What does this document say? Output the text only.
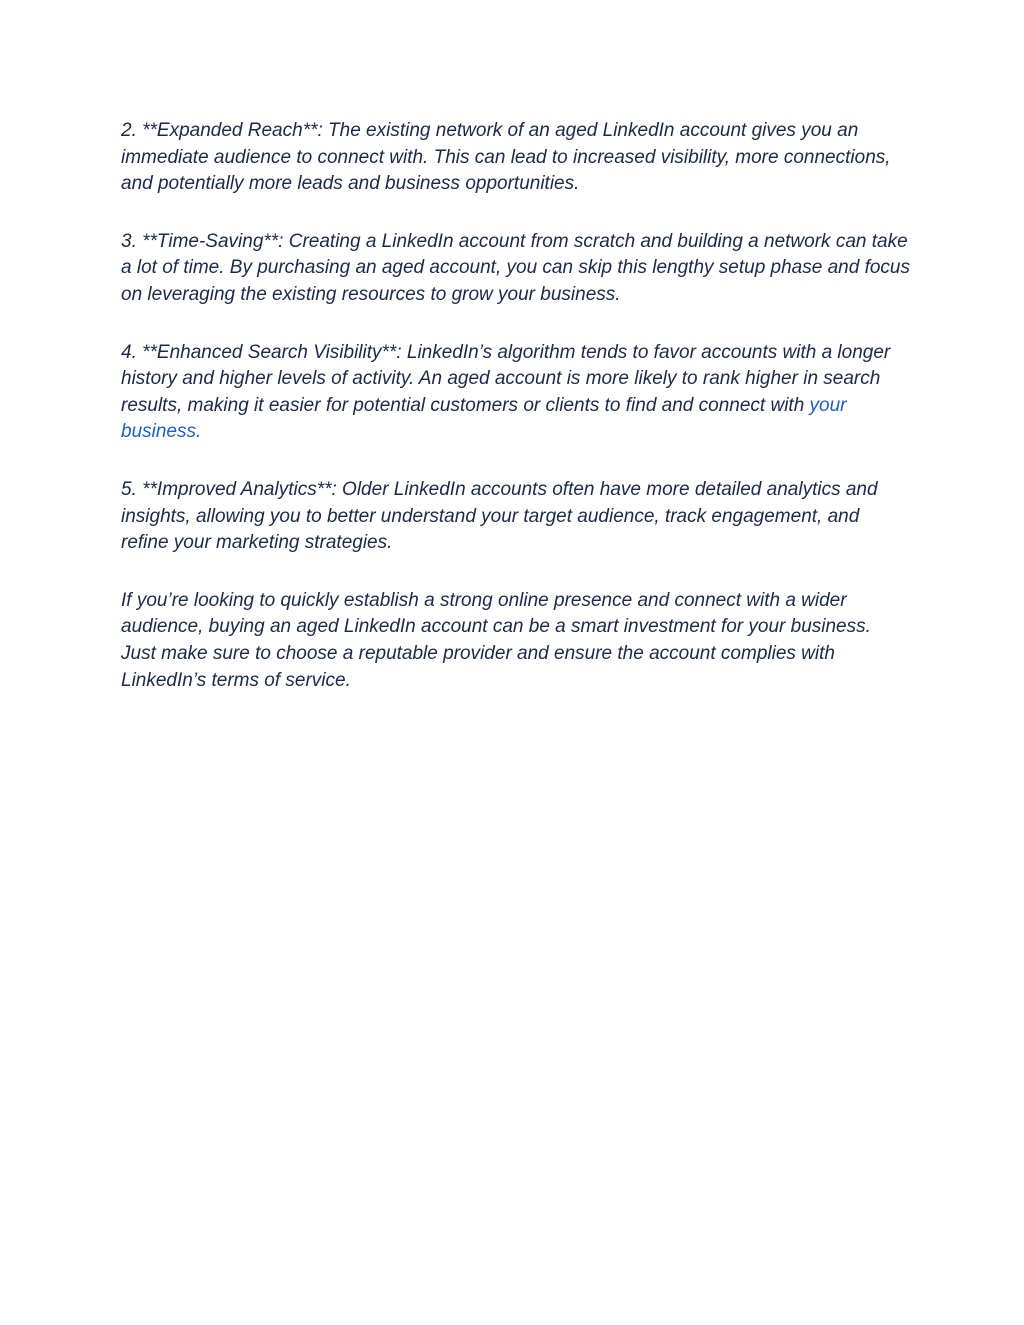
2. **Expanded Reach**: The existing network of an aged LinkedIn account gives you an immediate audience to connect with. This can lead to increased visibility, more connections, and potentially more leads and business opportunities.

3. **Time-Saving**: Creating a LinkedIn account from scratch and building a network can take a lot of time. By purchasing an aged account, you can skip this lengthy setup phase and focus on leveraging the existing resources to grow your business.

4. **Enhanced Search Visibility**: LinkedIn’s algorithm tends to favor accounts with a longer history and higher levels of activity. An aged account is more likely to rank higher in search results, making it easier for potential customers or clients to find and connect with your business.

5. **Improved Analytics**: Older LinkedIn accounts often have more detailed analytics and insights, allowing you to better understand your target audience, track engagement, and refine your marketing strategies.

If you’re looking to quickly establish a strong online presence and connect with a wider audience, buying an aged LinkedIn account can be a smart investment for your business. Just make sure to choose a reputable provider and ensure the account complies with LinkedIn’s terms of service.
